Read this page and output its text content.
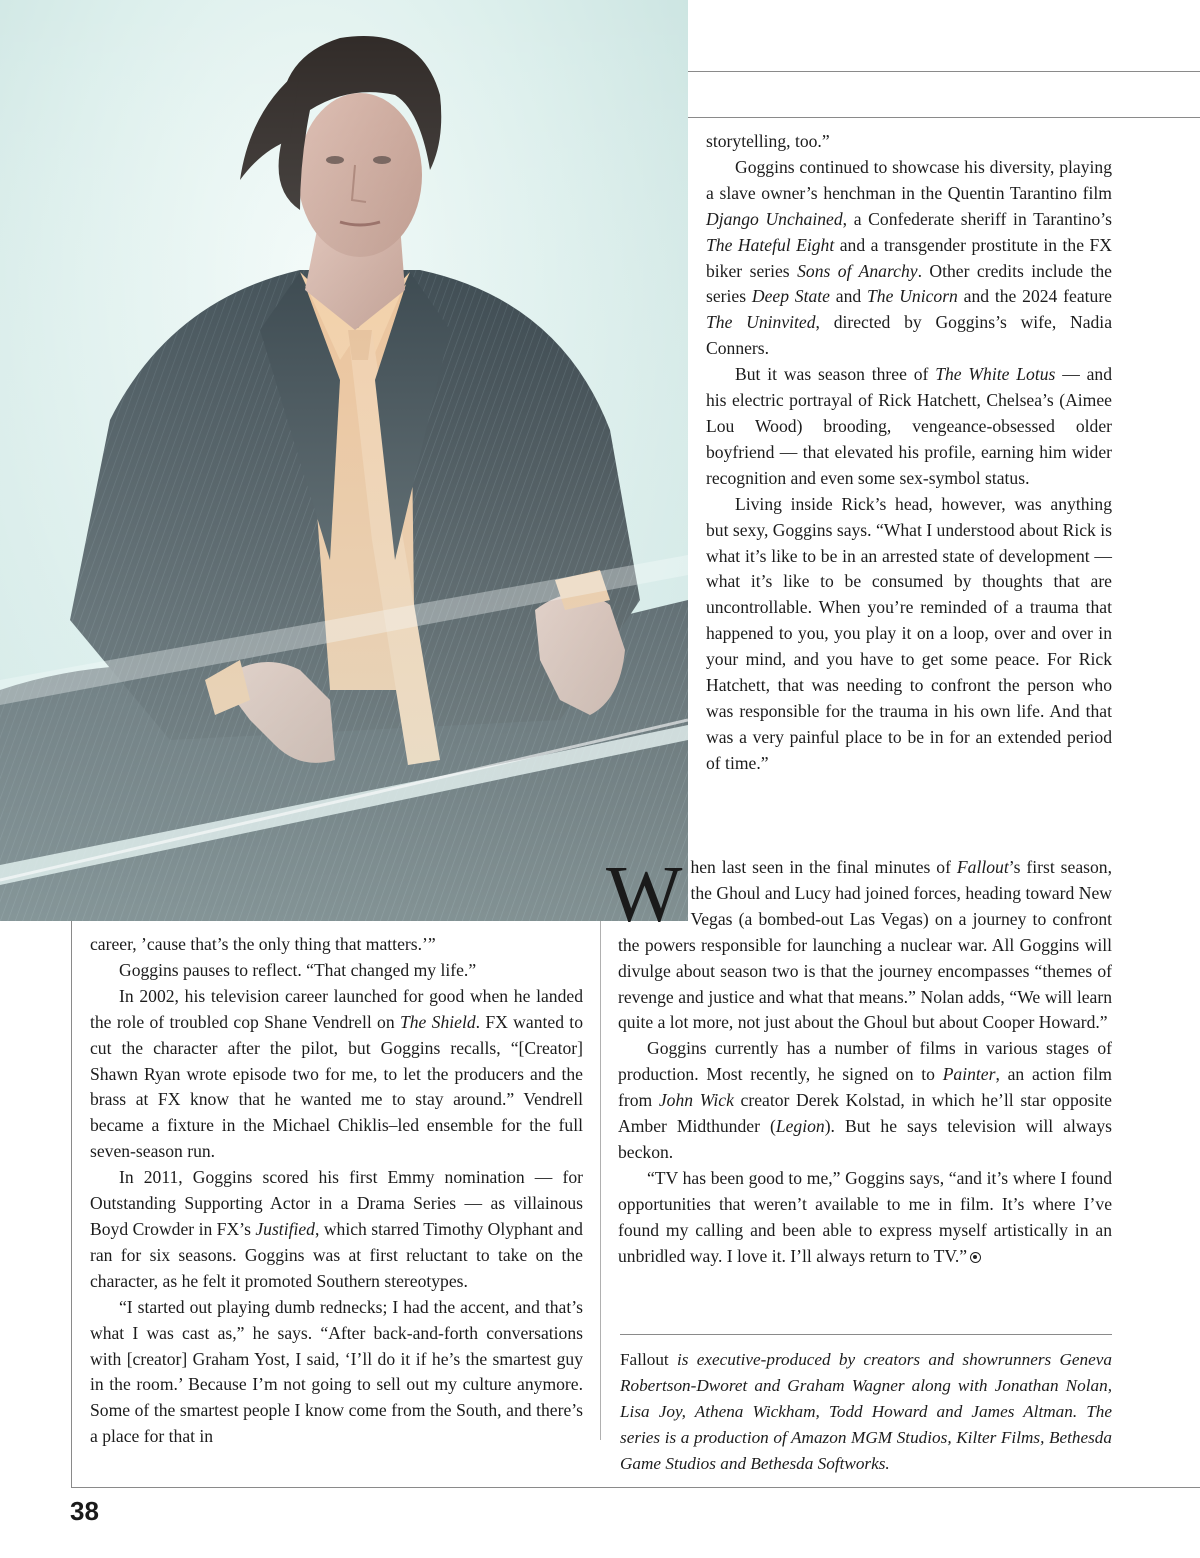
storytelling, too.”

Goggins continued to showcase his diversity, playing a slave owner’s henchman in the Quentin Tarantino film Django Unchained, a Confederate sheriff in Tarantino’s The Hateful Eight and a transgender prostitute in the FX biker series Sons of Anarchy. Other credits include the series Deep State and The Unicorn and the 2024 feature The Uninvited, directed by Goggins’s wife, Nadia Conners.

But it was season three of The White Lotus — and his electric portrayal of Rick Hatchett, Chelsea’s (Aimee Lou Wood) brooding, vengeance-obsessed older boyfriend — that elevated his profile, earning him wider recognition and even some sex-symbol status.

Living inside Rick’s head, however, was anything but sexy, Goggins says. “What I understood about Rick is what it’s like to be in an arrested state of development — what it’s like to be consumed by thoughts that are uncontrollable. When you’re reminded of a trauma that happened to you, you play it on a loop, over and over in your mind, and you have to get some peace. For Rick Hatchett, that was needing to confront the person who was responsible for the trauma in his own life. And that was a very painful place to be in for an extended period of time.”

career, ’cause that’s the only thing that matters.’”

Goggins pauses to reflect. “That changed my life.”

In 2002, his television career launched for good when he landed the role of troubled cop Shane Vendrell on The Shield. FX wanted to cut the character after the pilot, but Goggins recalls, “[Creator] Shawn Ryan wrote episode two for me, to let the producers and the brass at FX know that he wanted me to stay around.” Vendrell became a fixture in the Michael Chiklis–led ensemble for the full seven-season run.

In 2011, Goggins scored his first Emmy nomination — for Outstanding Supporting Actor in a Drama Series — as villainous Boyd Crowder in FX’s Justified, which starred Timothy Olyphant and ran for six seasons. Goggins was at first reluctant to take on the character, as he felt it promoted Southern stereotypes.

“I started out playing dumb rednecks; I had the accent, and that’s what I was cast as,” he says. “After back-and-forth conversations with [creator] Graham Yost, I said, ‘I’ll do it if he’s the smartest guy in the room.’ Because I’m not going to sell out my culture anymore. Some of the smartest people I know come from the South, and there’s a place for that in

When last seen in the final minutes of Fallout’s first season, the Ghoul and Lucy had joined forces, heading toward New Vegas (a bombed-out Las Vegas) on a journey to confront the powers responsible for launching a nuclear war. All Goggins will divulge about season two is that the journey encompasses “themes of revenge and justice and what that means.” Nolan adds, “We will learn quite a lot more, not just about the Ghoul but about Cooper Howard.”

Goggins currently has a number of films in various stages of production. Most recently, he signed on to Painter, an action film from John Wick creator Derek Kolstad, in which he’ll star opposite Amber Midthunder (Legion). But he says television will always beckon.

“TV has been good to me,” Goggins says, “and it’s where I found opportunities that weren’t available to me in film. It’s where I’ve found my calling and been able to express myself artistically in an unbridled way. I love it. I’ll always return to TV.”

Fallout is executive-produced by creators and showrunners Geneva Robertson-Dworet and Graham Wagner along with Jonathan Nolan, Lisa Joy, Athena Wickham, Todd Howard and James Altman. The series is a production of Amazon MGM Studios, Kilter Films, Bethesda Game Studios and Bethesda Softworks.
38
